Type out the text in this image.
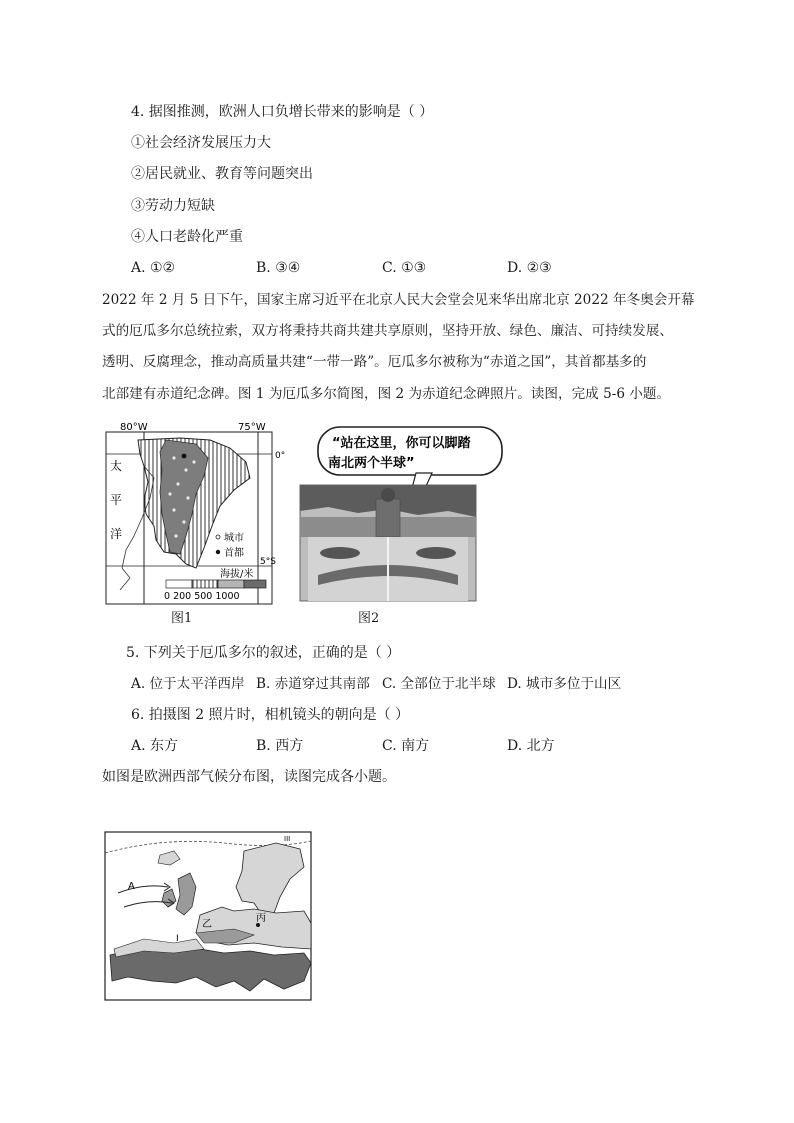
4. 据图推测，欧洲人口负增长带来的影响是（ ）
①社会经济发展压力大
②居民就业、教育等问题突出
③劳动力短缺
④人口老龄化严重
A. ①②	B. ③④	C. ①③	D. ②③
2022 年 2 月 5 日下午，国家主席习近平在北京人民大会堂会见来华出席北京 2022 年冬奥会开幕
式的厄瓜多尔总统拉索，双方将秉持共商共建共享原则，坚持开放、绿色、廉洁、可持续发展、
透明、反腐理念，推动高质量共建“一带一路”。厄瓜多尔被称为“赤道之国”，其首都基多的
北部建有赤道纪念碑。图 1 为厄瓜多尔简图，图 2 为赤道纪念碑照片。读图，完成 5-6 小题。
80°W	75°W
0°
5°S
太
平
洋	城市
首都
海拔/米
0 200 500 1000
图1
“站在这里，你可以脚踏
南北两个半球”
图2
5. 下列关于厄瓜多尔的叙述，正确的是（ ）
A. 位于太平洋西岸 B. 赤道穿过其南部 C. 全部位于北半球 D. 城市多位于山区
6. 拍摄图 2 照片时，相机镜头的朝向是（ ）
A. 东方	B. 西方	C. 南方	D. 北方
如图是欧洲西部气候分布图，读图完成各小题。
A
I
乙
丙
III
